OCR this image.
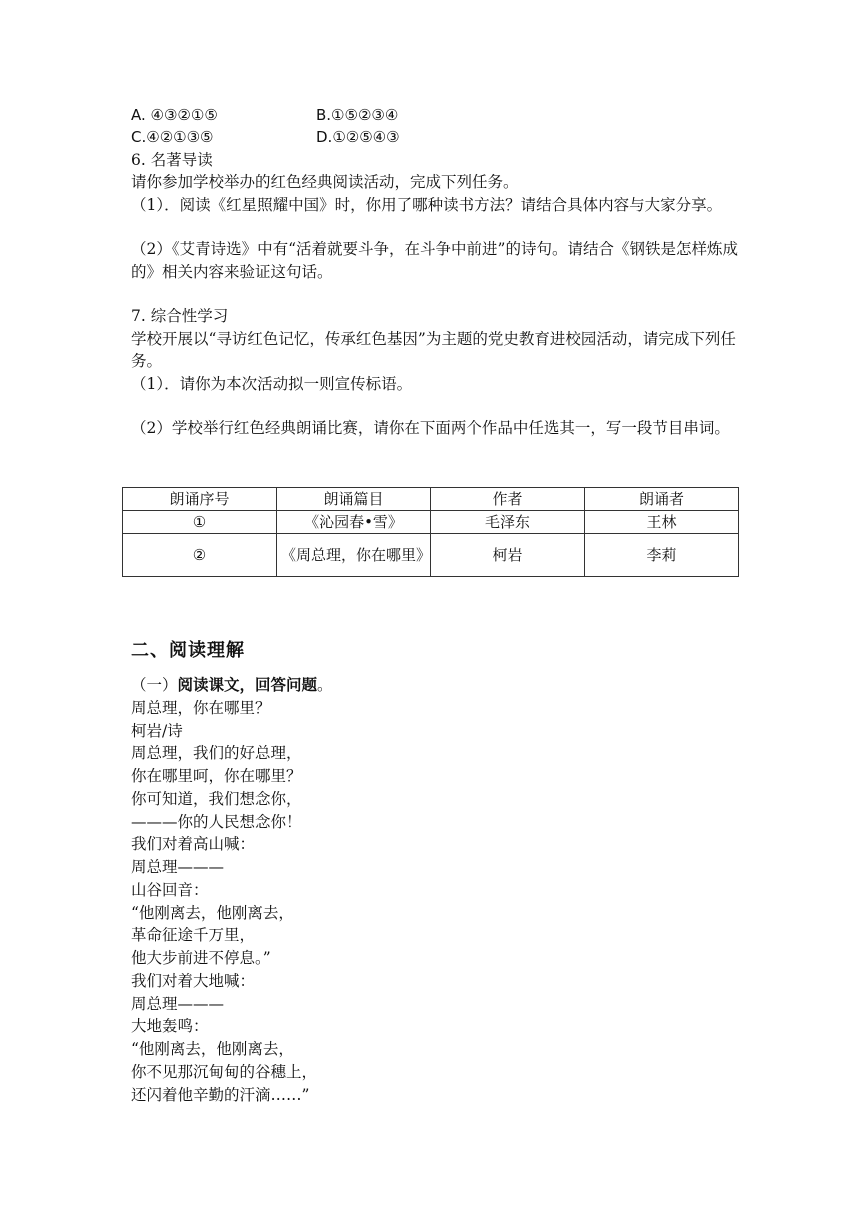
A. ④③②①⑤	B.①⑤②③④
C.④②①③⑤	D.①②⑤④③
6. 名著导读
请你参加学校举办的红色经典阅读活动，完成下列任务。
（1）．阅读《红星照耀中国》时，你用了哪种读书方法？请结合具体内容与大家分享。
（2）《艾青诗选》中有“活着就要斗争，在斗争中前进”的诗句。请结合《钢铁是怎样炼成的》相关内容来验证这句话。
7. 综合性学习
学校开展以“寻访红色记忆，传承红色基因”为主题的党史教育进校园活动，请完成下列任务。
（1）．请你为本次活动拟一则宣传标语。
（2）学校举行红色经典朗诵比赛，请你在下面两个作品中任选其一，写一段节目串词。
朗诵序号	朗诵篇目	作者	朗诵者
①	《沁园春•雪》	毛泽东	王林
②	《周总理，你在哪里》	柯岩	李莉
二、阅读理解
（一）阅读课文，回答问题。
周总理，你在哪里？
柯岩/诗
周总理，我们的好总理，
你在哪里呵，你在哪里？
你可知道，我们想念你，
———你的人民想念你！
我们对着高山喊：
周总理———
山谷回音：
“他刚离去，他刚离去，
革命征途千万里，
他大步前进不停息。”
我们对着大地喊：
周总理———
大地轰鸣：
“他刚离去，他刚离去，
你不见那沉甸甸的谷穗上，
还闪着他辛勤的汗滴……”
